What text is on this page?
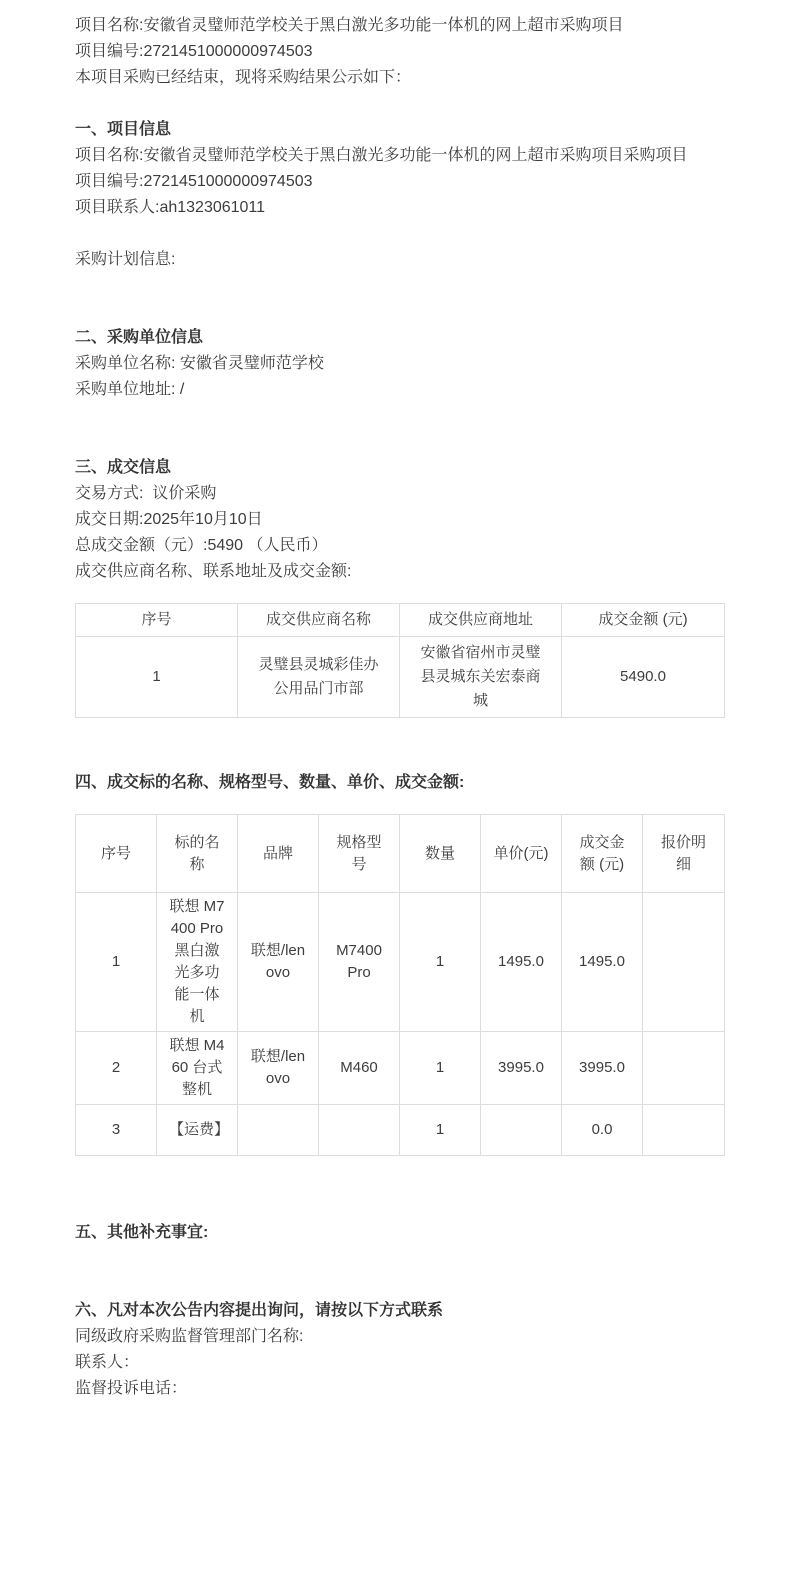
项目名称:安徽省灵璧师范学校关于黑白激光多功能一体机的网上超市采购项目

项目编号:2721451000000974503

本项目采购已经结束，现将采购结果公示如下：

一、项目信息

项目名称:安徽省灵璧师范学校关于黑白激光多功能一体机的网上超市采购项目采购项目

项目编号:2721451000000974503

项目联系人:ah1323061011

采购计划信息:

二、采购单位信息

采购单位名称: 安徽省灵璧师范学校

采购单位地址: /

三、成交信息

交易方式:  议价采购

成交日期:2025年10月10日

总成交金额（元）:5490 （人民币）

成交供应商名称、联系地址及成交金额:

序号	成交供应商名称	成交供应商地址	成交金额 (元)
1	灵璧县灵城彩佳办公用品门市部	安徽省宿州市灵璧县灵城东关宏泰商城	5490.0
四、成交标的名称、规格型号、数量、单价、成交金额:
序号	标的名称	品牌	规格型号	数量	单价(元)	成交金额 (元)	报价明细
1	联想 M7400 Pro 黑白激光多功能一体机	联想/lenovo	M7400 Pro	1	1495.0	1495.0	
2	联想 M460 台式整机	联想/lenovo	M460	1	3995.0	3995.0	
3	【运费】			1		0.0	
五、其他补充事宜:
六、凡对本次公告内容提出询问，请按以下方式联系

同级政府采购监督管理部门名称:

联系人：

监督投诉电话：
